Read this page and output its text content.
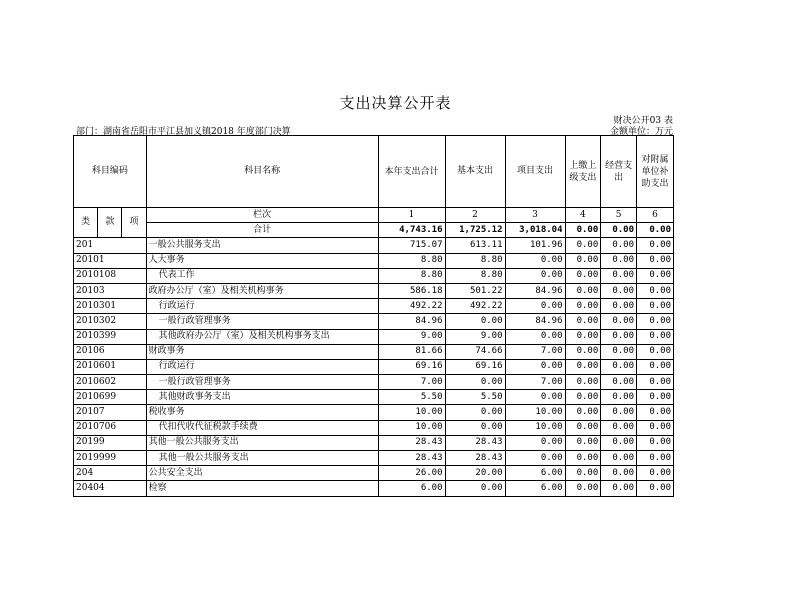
支出决算公开表
财决公开03 表
金额单位：万元
部门：湖南省岳阳市平江县加义镇2018 年度部门决算
科目编码			科目名称	本年支出合计	基本支出	项目支出	上缴上级支出	经营支出	对附属单位补助支出
类	款	项	栏次	1	2	3	4	5	6
			合计	4,743.16	1,725.12	3,018.04	0.00	0.00	0.00
201			一般公共服务支出	715.07	613.11	101.96	0.00	0.00	0.00
20101			人大事务	8.80	8.80	0.00	0.00	0.00	0.00
2010108			代表工作	8.80	8.80	0.00	0.00	0.00	0.00
20103			政府办公厅（室）及相关机构事务	586.18	501.22	84.96	0.00	0.00	0.00
2010301			行政运行	492.22	492.22	0.00	0.00	0.00	0.00
2010302			一般行政管理事务	84.96	0.00	84.96	0.00	0.00	0.00
2010399			其他政府办公厅（室）及相关机构事务支出	9.00	9.00	0.00	0.00	0.00	0.00
20106			财政事务	81.66	74.66	7.00	0.00	0.00	0.00
2010601			行政运行	69.16	69.16	0.00	0.00	0.00	0.00
2010602			一般行政管理事务	7.00	0.00	7.00	0.00	0.00	0.00
2010699			其他财政事务支出	5.50	5.50	0.00	0.00	0.00	0.00
20107			税收事务	10.00	0.00	10.00	0.00	0.00	0.00
2010706			代扣代收代征税款手续费	10.00	0.00	10.00	0.00	0.00	0.00
20199			其他一般公共服务支出	28.43	28.43	0.00	0.00	0.00	0.00
2019999			其他一般公共服务支出	28.43	28.43	0.00	0.00	0.00	0.00
204			公共安全支出	26.00	20.00	6.00	0.00	0.00	0.00
20404			检察	6.00	0.00	6.00	0.00	0.00	0.00
